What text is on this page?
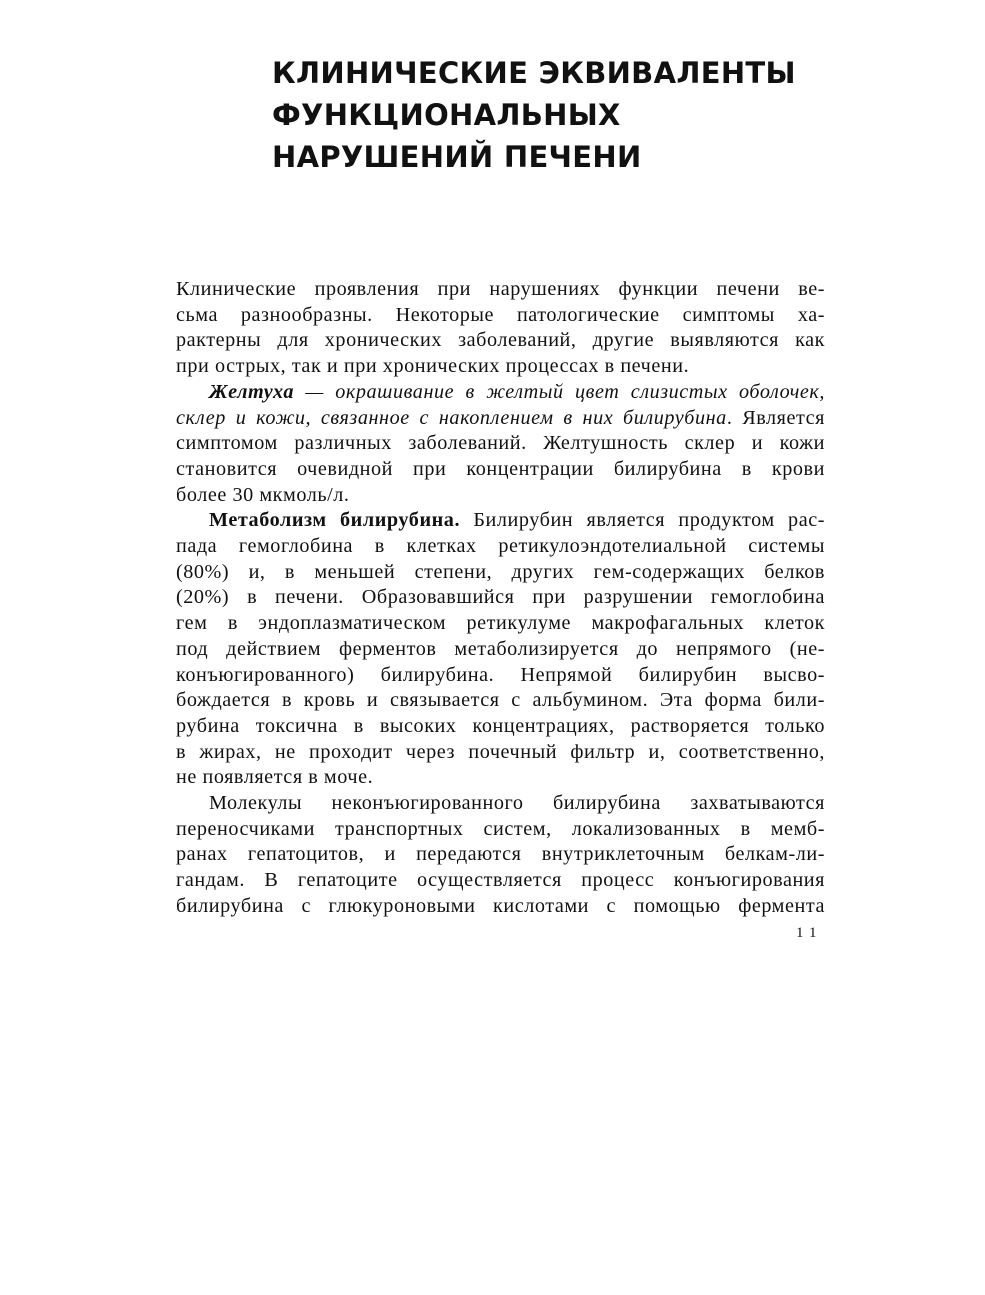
КЛИНИЧЕСКИЕ ЭКВИВАЛЕНТЫ
ФУНКЦИОНАЛЬНЫХ
НАРУШЕНИЙ ПЕЧЕНИ

Клинические проявления при нарушениях функции печени ве-
сьма разнообразны. Некоторые патологические симптомы ха-
рактерны для хронических заболеваний, другие выявляются как
при острых, так и при хронических процессах в печени.

Желтуха — окрашивание в желтый цвет слизистых оболочек,
склер и кожи, связанное с накоплением в них билирубина. Является
симптомом различных заболеваний. Желтушность склер и кожи
становится очевидной при концентрации билирубина в крови
более 30 мкмоль/л.

Метаболизм билирубина. Билирубин является продуктом рас-
пада гемоглобина в клетках ретикулоэндотелиальной системы
(80%) и, в меньшей степени, других гем-содержащих белков
(20%) в печени. Образовавшийся при разрушении гемоглобина
гем в эндоплазматическом ретикулуме макрофагальных клеток
под действием ферментов метаболизируется до непрямого (не-
конъюгированного) билирубина. Непрямой билирубин высво-
бождается в кровь и связывается с альбумином. Эта форма били-
рубина токсична в высоких концентрациях, растворяется только
в жирах, не проходит через почечный фильтр и, соответственно,
не появляется в моче.

Молекулы неконъюгированного билирубина захватываются
переносчиками транспортных систем, локализованных в мемб-
ранах гепатоцитов, и передаются внутриклеточным белкам-ли-
гандам. В гепатоците осуществляется процесс конъюгирования
билирубина с глюкуроновыми кислотами с помощью фермента

11
